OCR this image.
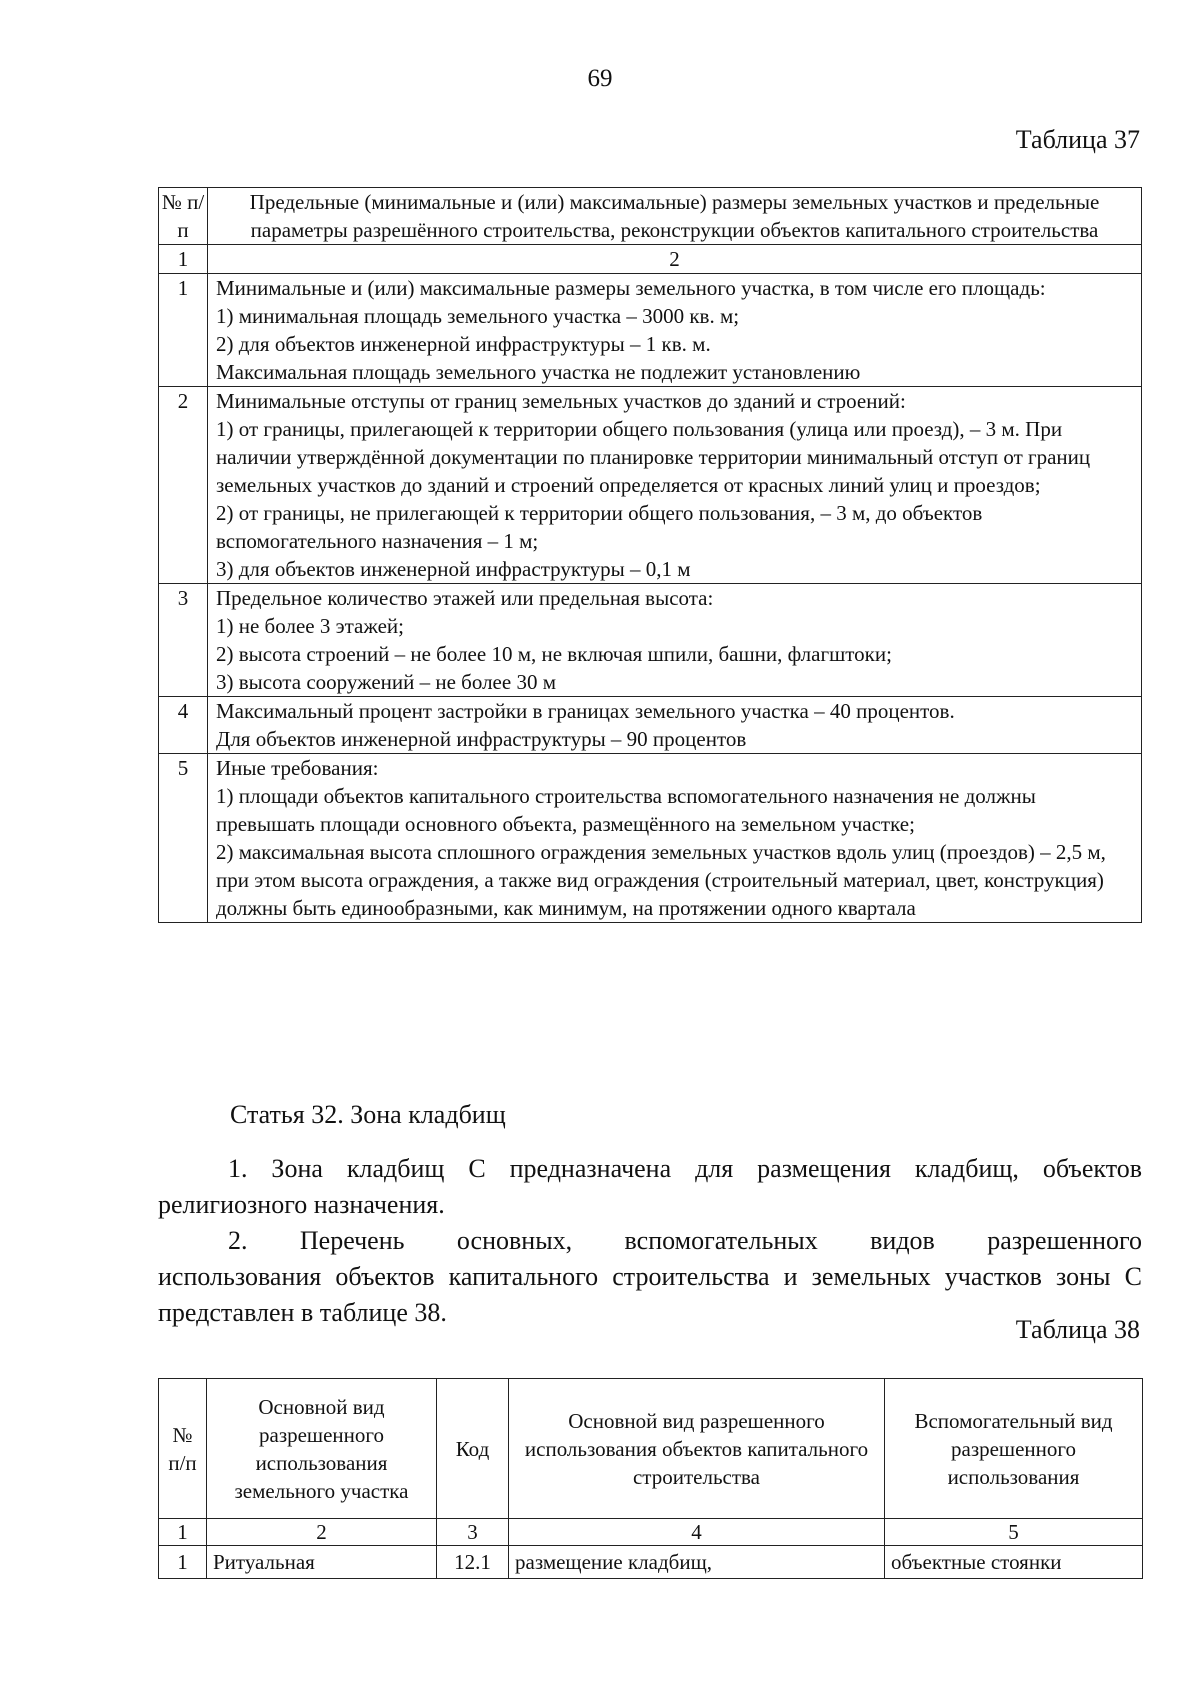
69
Таблица 37
№ п/п	Предельные (минимальные и (или) максимальные) размеры земельных участков и предельные параметры разрешённого строительства, реконструкции объектов капитального строительства
1	2
1	Минимальные и (или) максимальные размеры земельного участка, в том числе его площадь:
1) минимальная площадь земельного участка – 3000 кв. м;
2) для объектов инженерной инфраструктуры – 1 кв. м.
Максимальная площадь земельного участка не подлежит установлению

2	Минимальные отступы от границ земельных участков до зданий и строений:
1) от границы, прилегающей к территории общего пользования (улица или проезд), – 3 м. При наличии утверждённой документации по планировке территории минимальный отступ от границ земельных участков до зданий и строений определяется от красных линий улиц и проездов;
2) от границы, не прилегающей к территории общего пользования, – 3 м, до объектов вспомогательного назначения – 1 м;
3) для объектов инженерной инфраструктуры – 0,1 м

3	Предельное количество этажей или предельная высота:
1) не более 3 этажей;
2) высота строений – не более 10 м, не включая шпили, башни, флагштоки;
3) высота сооружений – не более 30 м

4	Максимальный процент застройки в границах земельного участка – 40 процентов.
Для объектов инженерной инфраструктуры – 90 процентов

5	Иные требования:
1) площади объектов капитального строительства вспомогательного назначения не должны превышать площади основного объекта, размещённого на земельном участке;
2) максимальная высота сплошного ограждения земельных участков вдоль улиц (проездов) – 2,5 м, при этом высота ограждения, а также вид ограждения (строительный материал, цвет, конструкция) должны быть единообразными, как минимум, на протяжении одного квартала
Статья 32. Зона кладбищ
1. Зона кладбищ С предназначена для размещения кладбищ, объектов
религиозного назначения.
2. Перечень основных, вспомогательных видов разрешенного
использования объектов капитального строительства и земельных участков зоны С представлен в таблице 38.
Таблица 38
№ п/п	Основной вид разрешенного использования земельного участка	Код	Основной вид разрешенного использования объектов капитального строительства	Вспомогательный вид разрешенного использования
1	2	3	4	5
1	Ритуальная	12.1	размещение кладбищ,	объектные стоянки
